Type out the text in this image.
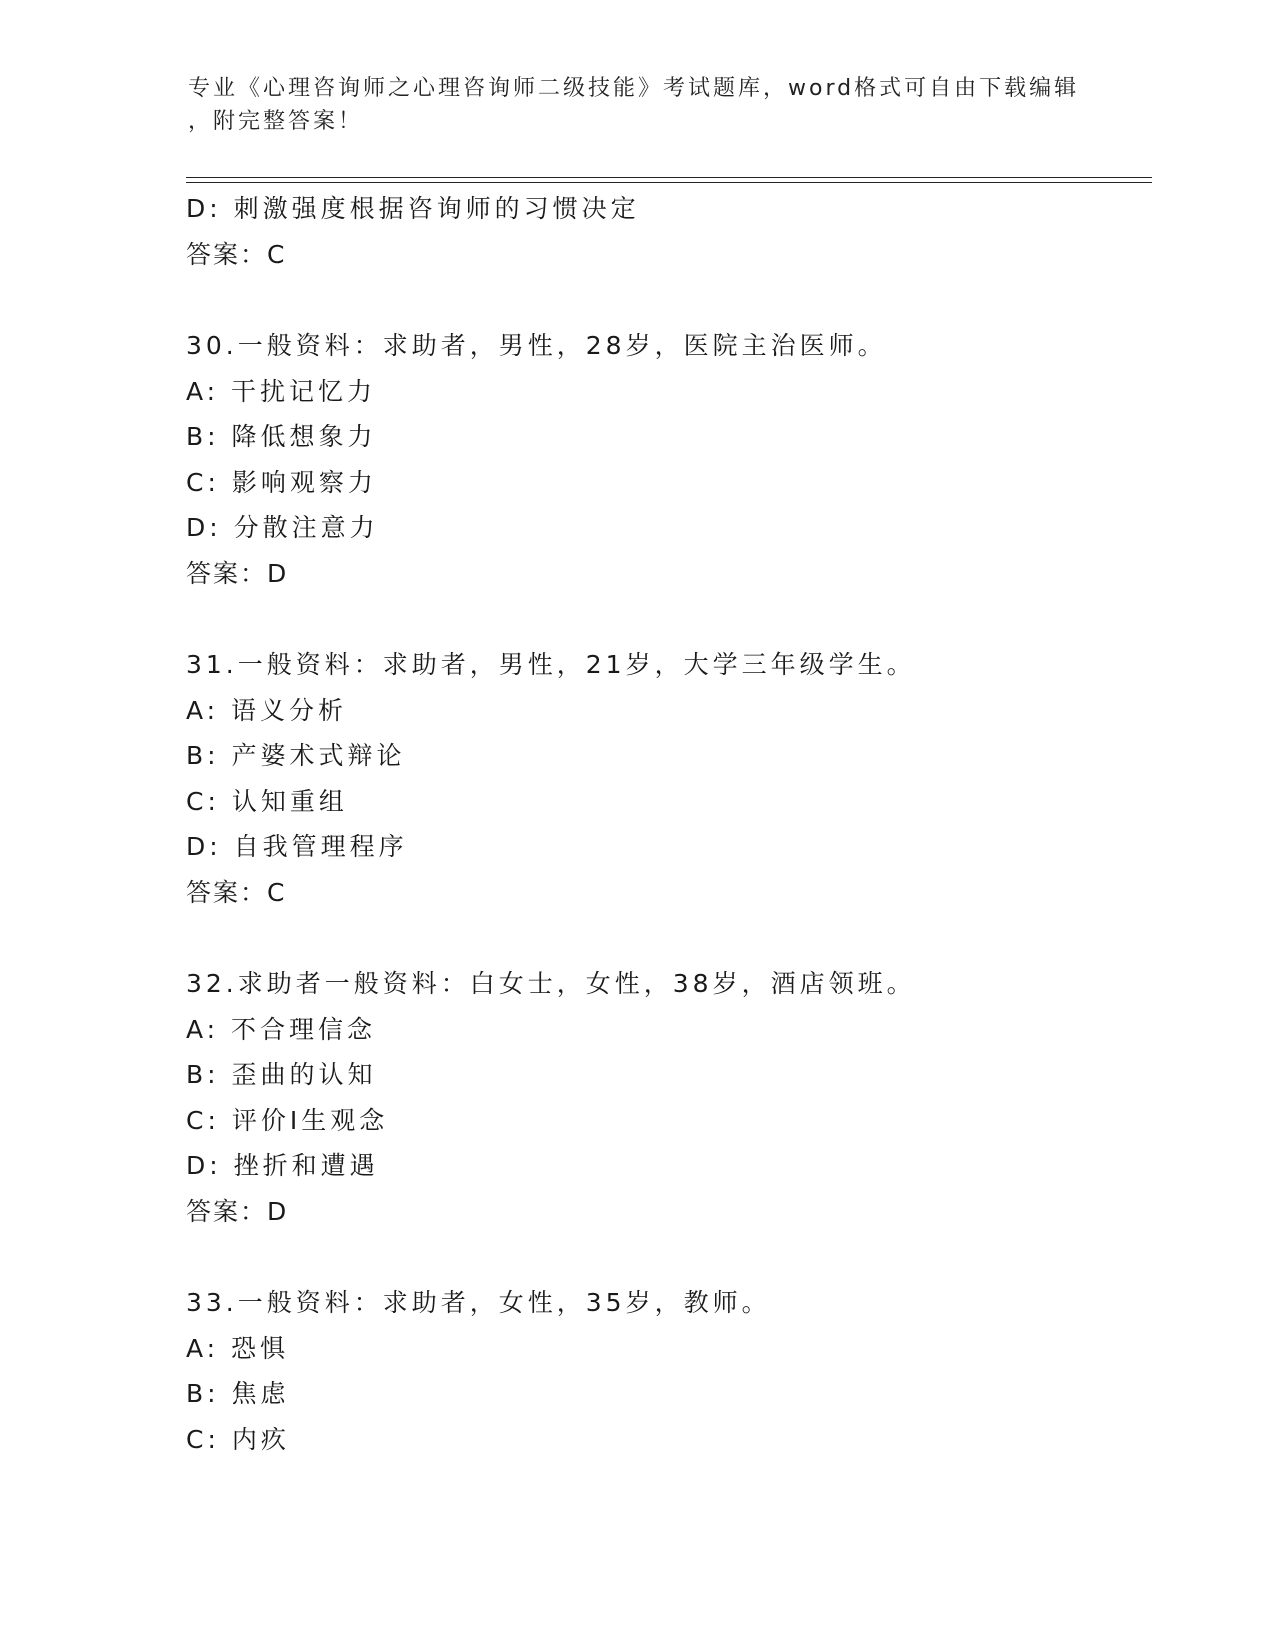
专业《心理咨询师之心理咨询师二级技能》考试题库，word格式可自由下载编辑
，附完整答案！
D: 刺激强度根据咨询师的习惯决定
答案：C
30.一般资料：求助者，男性，28岁，医院主治医师。
A: 干扰记忆力
B: 降低想象力
C: 影响观察力
D: 分散注意力
答案：D
31.一般资料：求助者，男性，21岁，大学三年级学生。
A: 语义分析
B: 产婆术式辩论
C: 认知重组
D: 自我管理程序
答案：C
32.求助者一般资料：白女士，女性，38岁，酒店领班。
A: 不合理信念
B: 歪曲的认知
C: 评价I生观念
D: 挫折和遭遇
答案：D
33.一般资料：求助者，女性，35岁，教师。
A: 恐惧
B: 焦虑
C: 内疚
